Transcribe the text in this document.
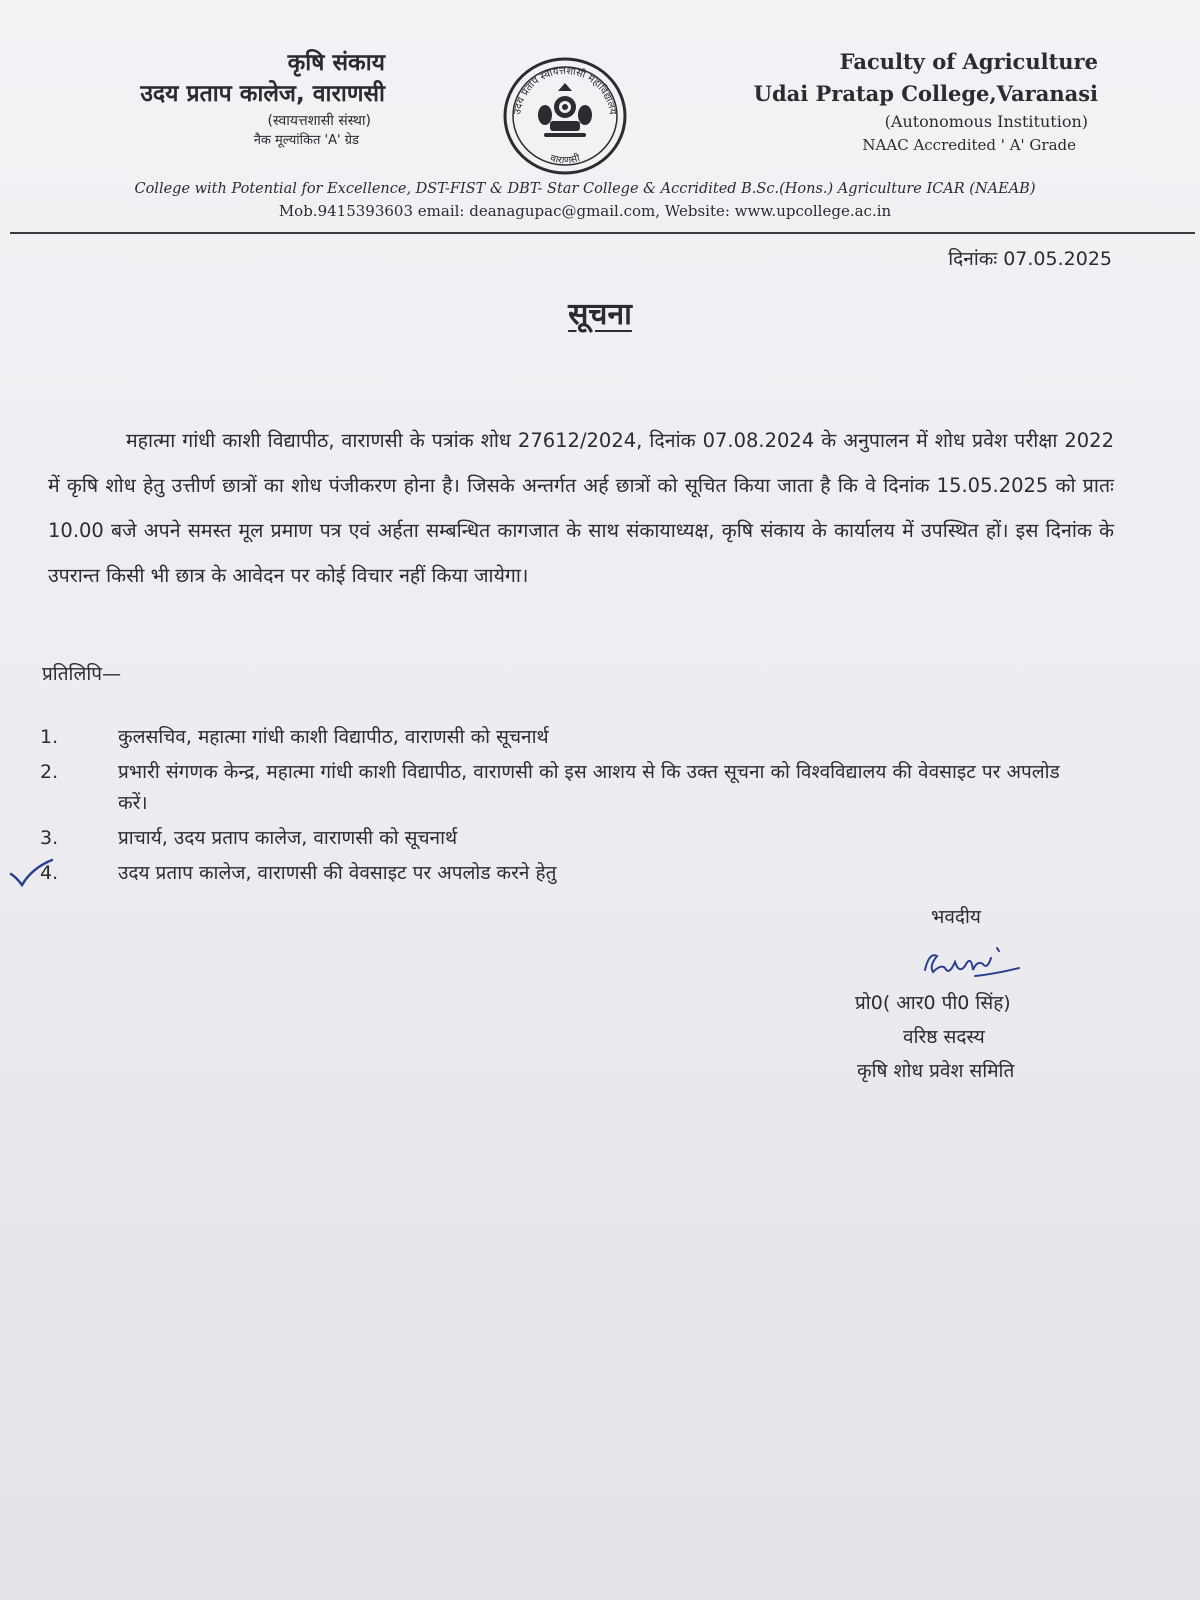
कृषि संकाय
उदय प्रताप कालेज, वाराणसी
(स्वायत्तशासी संस्था)
नैक मूल्यांकित 'A' ग्रेड
उदय प्रताप स्वायत्तशासी महाविद्यालय
वाराणसी
Faculty of Agriculture
Udai Pratap College,Varanasi
(Autonomous Institution)
NAAC Accredited ' A' Grade
College with Potential for Excellence, DST-FIST & DBT- Star College & Accridited B.Sc.(Hons.) Agriculture ICAR (NAEAB)
Mob.9415393603 email: deanagupac@gmail.com, Website: www.upcollege.ac.in
दिनांकः 07.05.2025
सूचना
महात्मा गांधी काशी विद्यापीठ, वाराणसी के पत्रांक शोध 27612/2024, दिनांक 07.08.2024 के अनुपालन में शोध प्रवेश परीक्षा 2022 में कृषि शोध हेतु उत्तीर्ण छात्रों का शोध पंजीकरण होना है। जिसके अन्तर्गत अर्ह छात्रों को सूचित किया जाता है कि वे दिनांक 15.05.2025 को प्रातः 10.00 बजे अपने समस्त मूल प्रमाण पत्र एवं अर्हता सम्बन्धित कागजात के साथ संकायाध्यक्ष, कृषि संकाय के कार्यालय में उपस्थित हों। इस दिनांक के उपरान्त किसी भी छात्र के आवेदन पर कोई विचार नहीं किया जायेगा।
प्रतिलिपि—
1.	कुलसचिव, महात्मा गांधी काशी विद्यापीठ, वाराणसी को सूचनार्थ
2.	प्रभारी संगणक केन्द्र, महात्मा गांधी काशी विद्यापीठ, वाराणसी को इस आशय से कि उक्त सूचना को विश्वविद्यालय की वेवसाइट पर अपलोड करें।
3.	प्राचार्य, उदय प्रताप कालेज, वाराणसी को सूचनार्थ
4.	उदय प्रताप कालेज, वाराणसी की वेवसाइट पर अपलोड करने हेतु
भवदीय
प्रो0( आर0 पी0 सिंह)
वरिष्ठ सदस्य
कृषि शोध प्रवेश समिति
